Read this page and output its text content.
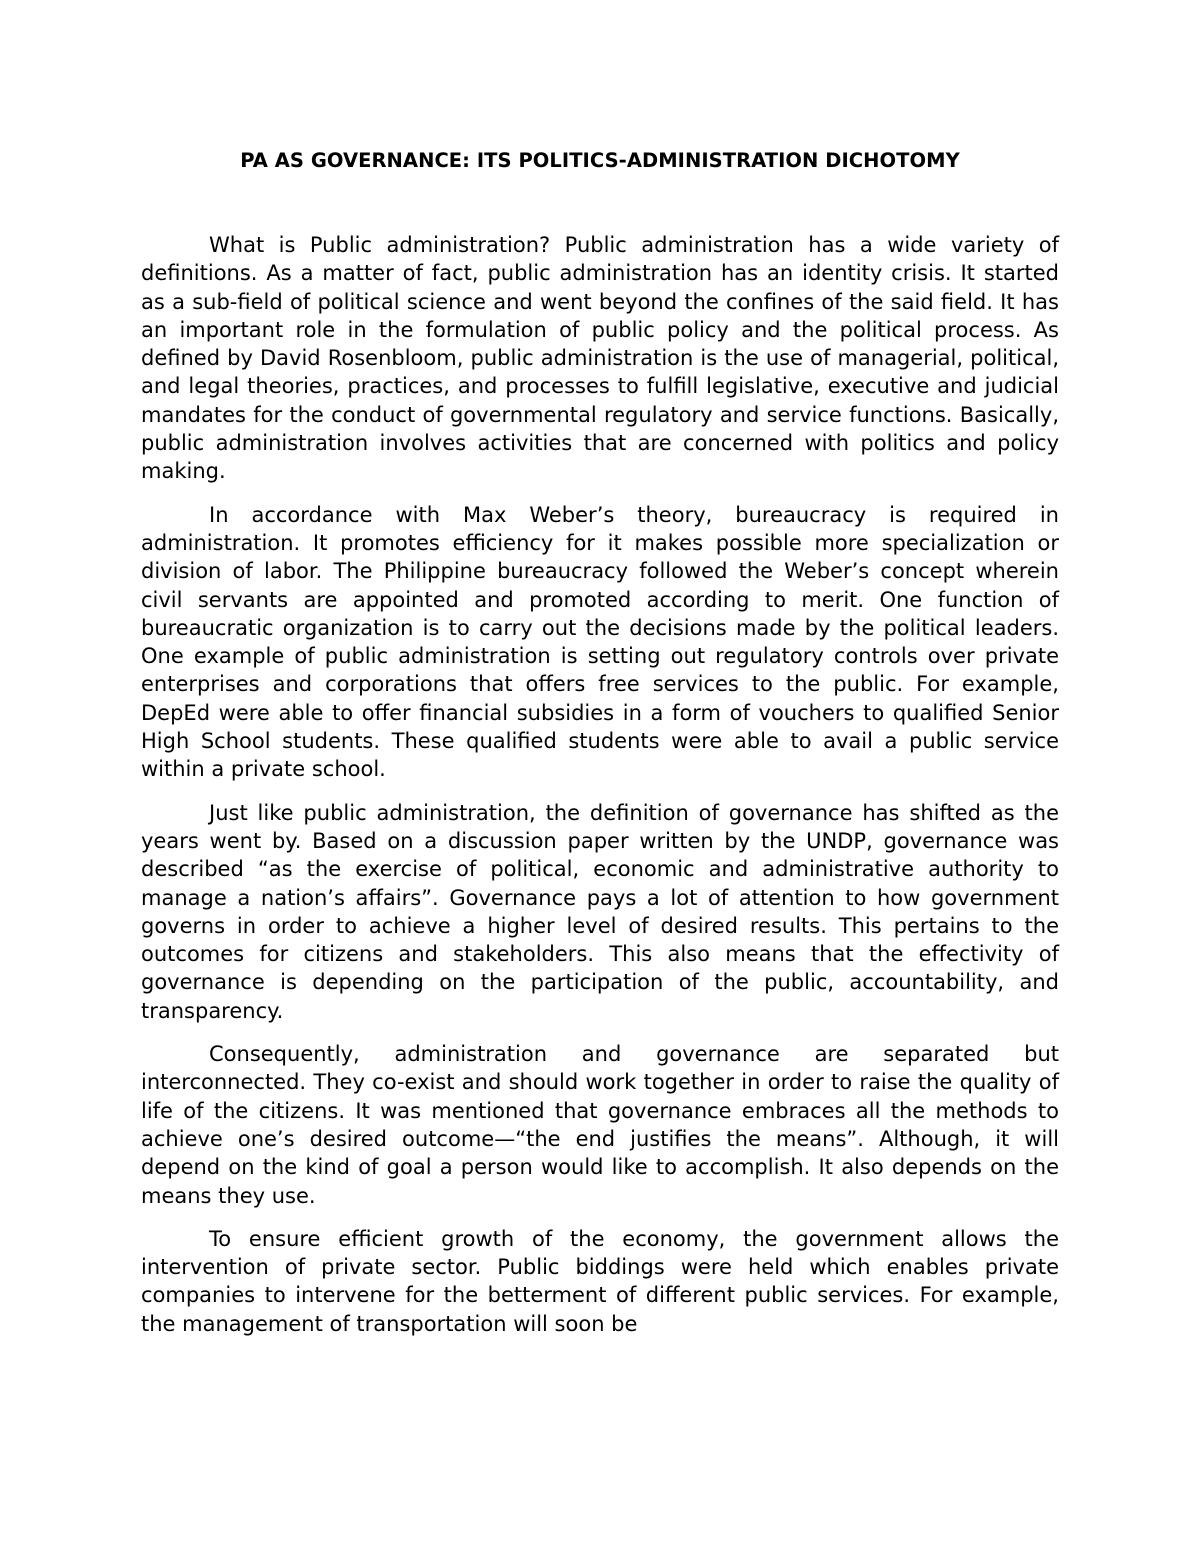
PA AS GOVERNANCE: ITS POLITICS-ADMINISTRATION DICHOTOMY

What is Public administration? Public administration has a wide variety of definitions. As a matter of fact, public administration has an identity crisis. It started as a sub-field of political science and went beyond the confines of the said field. It has an important role in the formulation of public policy and the political process. As defined by David Rosenbloom, public administration is the use of managerial, political, and legal theories, practices, and processes to fulfill legislative, executive and judicial mandates for the conduct of governmental regulatory and service functions. Basically, public administration involves activities that are concerned with politics and policy making.

In accordance with Max Weber’s theory, bureaucracy is required in administration. It promotes efficiency for it makes possible more specialization or division of labor. The Philippine bureaucracy followed the Weber’s concept wherein civil servants are appointed and promoted according to merit. One function of bureaucratic organization is to carry out the decisions made by the political leaders. One example of public administration is setting out regulatory controls over private enterprises and corporations that offers free services to the public. For example, DepEd were able to offer financial subsidies in a form of vouchers to qualified Senior High School students. These qualified students were able to avail a public service within a private school.

Just like public administration, the definition of governance has shifted as the years went by. Based on a discussion paper written by the UNDP, governance was described “as the exercise of political, economic and administrative authority to manage a nation’s affairs”. Governance pays a lot of attention to how government governs in order to achieve a higher level of desired results. This pertains to the outcomes for citizens and stakeholders. This also means that the effectivity of governance is depending on the participation of the public, accountability, and transparency.

Consequently, administration and governance are separated but interconnected. They co-exist and should work together in order to raise the quality of life of the citizens. It was mentioned that governance embraces all the methods to achieve one’s desired outcome—“the end justifies the means”. Although, it will depend on the kind of goal a person would like to accomplish. It also depends on the means they use.

To ensure efficient growth of the economy, the government allows the intervention of private sector. Public biddings were held which enables private companies to intervene for the betterment of different public services. For example, the management of transportation will soon be
